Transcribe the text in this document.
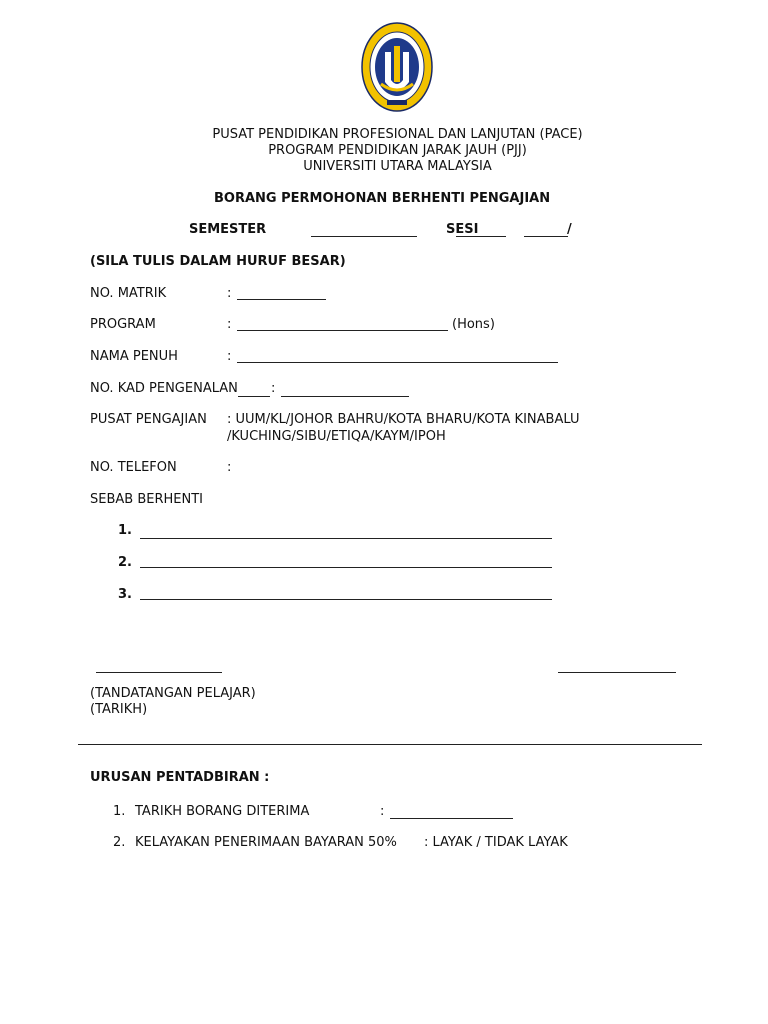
PUSAT PENDIDIKAN PROFESIONAL DAN LANJUTAN (PACE)
PROGRAM PENDIDIKAN JARAK JAUH (PJJ)
UNIVERSITI UTARA MALAYSIA
BORANG PERMOHONAN BERHENTI PENGAJIAN
SEMESTER	SESI	/
(SILA TULIS DALAM HURUF BESAR)
NO. MATRIK	:
PROGRAM	:	(Hons)
NAMA PENUH	:
NO. KAD PENGENALAN	:
PUSAT PENGAJIAN : UUM/KL/JOHOR BAHRU/KOTA BHARU/KOTA KINABALU
/KUCHING/SIBU/ETIQA/KAYM/IPOH
NO. TELEFON	:
SEBAB BERHENTI
1.
2.
3.
(TANDATANGAN PELAJAR)
(TARIKH)
URUSAN PENTADBIRAN :
1. TARIKH BORANG DITERIMA	:
2. KELAYAKAN PENERIMAAN BAYARAN 50% : LAYAK / TIDAK LAYAK
